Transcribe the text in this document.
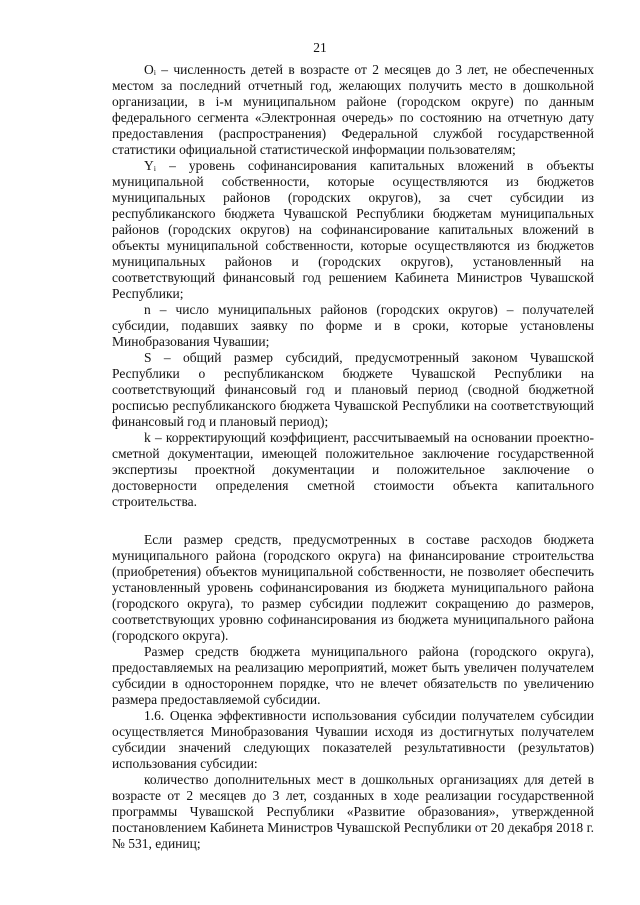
21

Oᵢ – численность детей в возрасте от 2 месяцев до 3 лет, не обеспеченных местом за последний отчетный год, желающих получить место в дошкольной организации, в i-м муниципальном районе (городском округе) по данным федерального сегмента «Электронная очередь» по состоянию на отчетную дату предоставления (распространения) Федеральной службой государственной статистики официальной статистической информации пользователям;

Yᵢ – уровень софинансирования капитальных вложений в объекты муниципальной собственности, которые осуществляются из бюджетов муниципальных районов (городских округов), за счет субсидии из республиканского бюджета Чувашской Республики бюджетам муниципальных районов (городских округов) на софинансирование капитальных вложений в объекты муниципальной собственности, которые осуществляются из бюджетов муниципальных районов и (городских округов), установленный на соответствующий финансовый год решением Кабинета Министров Чувашской Республики;

n – число муниципальных районов (городских округов) – получателей субсидии, подавших заявку по форме и в сроки, которые установлены Минобразования Чувашии;

S – общий размер субсидий, предусмотренный законом Чувашской Республики о республиканском бюджете Чувашской Республики на соответствующий финансовый год и плановый период (сводной бюджетной росписью республиканского бюджета Чувашской Республики на соответствующий финансовый год и плановый период);

k – корректирующий коэффициент, рассчитываемый на основании проектно-сметной документации, имеющей положительное заключение государственной экспертизы проектной документации и положительное заключение о достоверности определения сметной стоимости объекта капитального строительства.

Если размер средств, предусмотренных в составе расходов бюджета муниципального района (городского округа) на финансирование строительства (приобретения) объектов муниципальной собственности, не позволяет обеспечить установленный уровень софинансирования из бюджета муниципального района (городского округа), то размер субсидии подлежит сокращению до размеров, соответствующих уровню софинансирования из бюджета муниципального района (городского округа).

Размер средств бюджета муниципального района (городского округа), предоставляемых на реализацию мероприятий, может быть увеличен получателем субсидии в одностороннем порядке, что не влечет обязательств по увеличению размера предоставляемой субсидии.

1.6. Оценка эффективности использования субсидии получателем субсидии осуществляется Минобразования Чувашии исходя из достигнутых получателем субсидии значений следующих показателей результативности (результатов) использования субсидии:

количество дополнительных мест в дошкольных организациях для детей в возрасте от 2 месяцев до 3 лет, созданных в ходе реализации государственной программы Чувашской Республики «Развитие образования», утвержденной постановлением Кабинета Министров Чувашской Республики от 20 декабря 2018 г. № 531, единиц;
